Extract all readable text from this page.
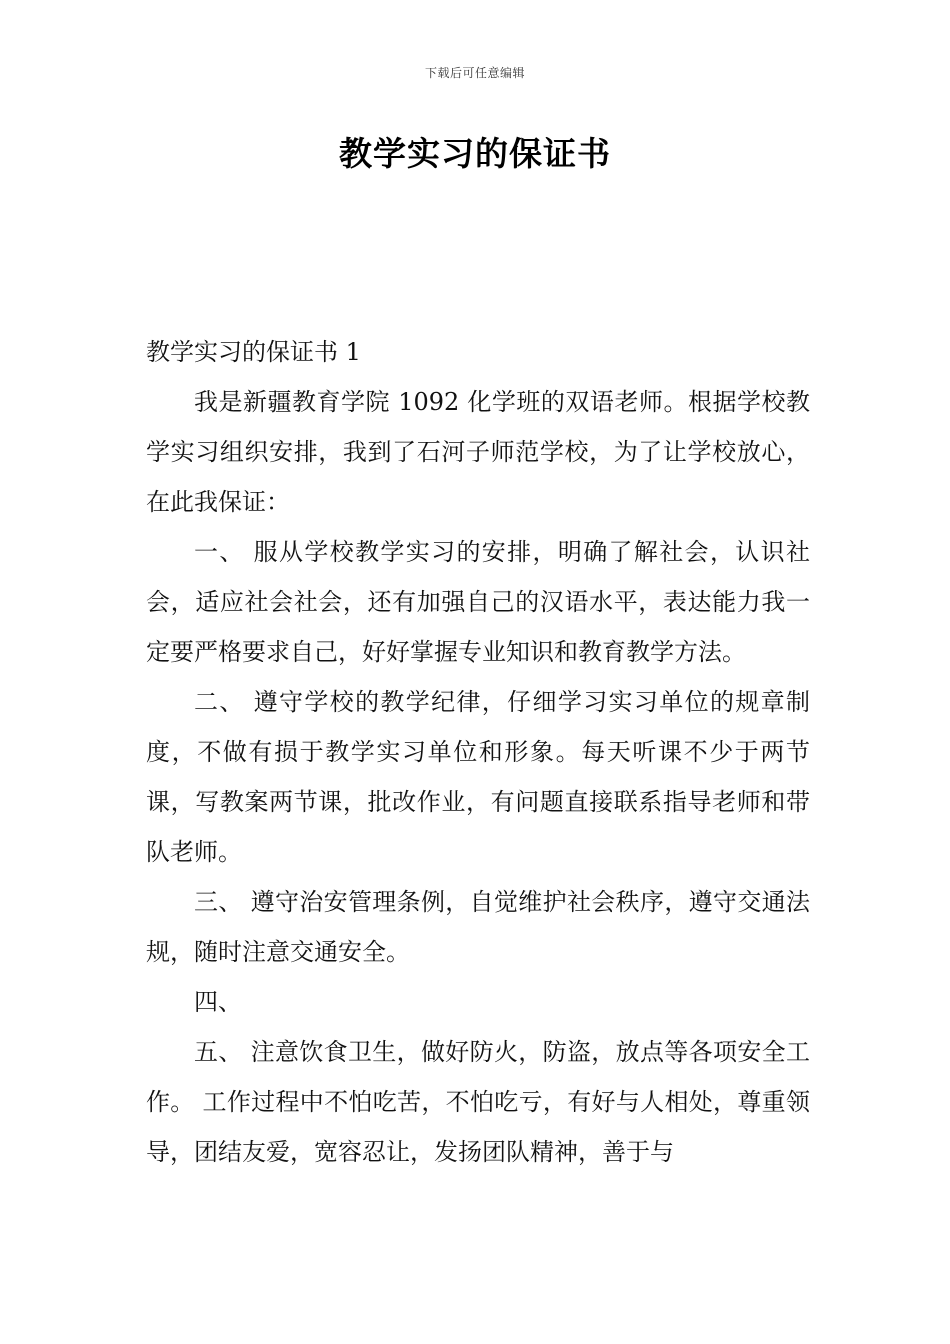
下载后可任意编辑
教学实习的保证书

教学实习的保证书 1

我是新疆教育学院 1092 化学班的双语老师。根据学校教学实习组织安排，我到了石河子师范学校，为了让学校放心，在此我保证：

一、 服从学校教学实习的安排，明确了解社会，认识社会，适应社会社会，还有加强自己的汉语水平，表达能力我一定要严格要求自己，好好掌握专业知识和教育教学方法。

二、 遵守学校的教学纪律，仔细学习实习单位的规章制度，不做有损于教学实习单位和形象。每天听课不少于两节课，写教案两节课，批改作业，有问题直接联系指导老师和带队老师。

三、 遵守治安管理条例，自觉维护社会秩序，遵守交通法规，随时注意交通安全。

四、

五、 注意饮食卫生，做好防火，防盗，放点等各项安全工作。 工作过程中不怕吃苦，不怕吃亏，有好与人相处，尊重领导，团结友爱，宽容忍让，发扬团队精神，善于与
